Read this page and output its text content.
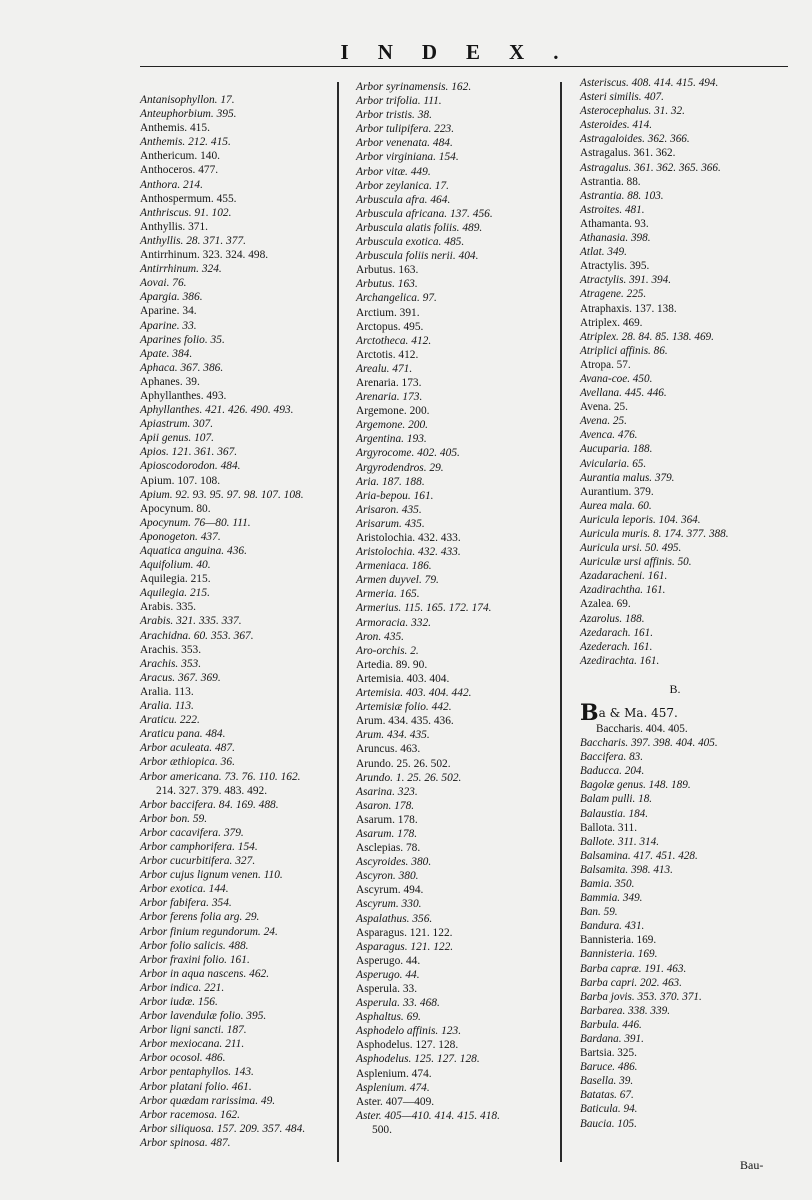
INDEX.
Antanisophyllon. 17.
Anteuphorbium. 395.
Anthemis. 415.
Anthemis. 212. 415.
Anthericum. 140.
Anthoceros. 477.
Anthora. 214.
Anthospermum. 455.
Anthriscus. 91. 102.
Anthyllis. 371.
Anthyllis. 28. 371. 377.
Antirrhinum. 323. 324. 498.
Antirrhinum. 324.
Aovai. 76.
Apargia. 386.
Aparine. 34.
Aparine. 33.
Aparines folio. 35.
Apate. 384.
Aphaca. 367. 386.
Aphanes. 39.
Aphyllanthes. 493.
Aphyllanthes. 421. 426. 490. 493.
Apiastrum. 307.
Apii genus. 107.
Apios. 121. 361. 367.
Apioscodorodon. 484.
Apium. 107. 108.
Apium. 92. 93. 95. 97. 98. 107. 108.
Apocynum. 80.
Apocynum. 76—80. 111.
Aponogeton. 437.
Aquatica anguina. 436.
Aquifolium. 40.
Aquilegia. 215.
Aquilegia. 215.
Arabis. 335.
Arabis. 321. 335. 337.
Arachidna. 60. 353. 367.
Arachis. 353.
Arachis. 353.
Aracus. 367. 369.
Aralia. 113.
Aralia. 113.
Araticu. 222.
Araticu pana. 484.
Arbor aculeata. 487.
Arbor æthiopica. 36.
Arbor americana. 73. 76. 110. 162.
214. 327. 379. 483. 492.
Arbor baccifera. 84. 169. 488.
Arbor bon. 59.
Arbor cacavifera. 379.
Arbor camphorifera. 154.
Arbor cucurbitifera. 327.
Arbor cujus lignum venen. 110.
Arbor exotica. 144.
Arbor fabifera. 354.
Arbor ferens folia arg. 29.
Arbor finium regundorum. 24.
Arbor folio salicis. 488.
Arbor fraxini folio. 161.
Arbor in aqua nascens. 462.
Arbor indica. 221.
Arbor iudæ. 156.
Arbor lavendulæ folio. 395.
Arbor ligni sancti. 187.
Arbor mexiocana. 211.
Arbor ocosol. 486.
Arbor pentaphyllos. 143.
Arbor platani folio. 461.
Arbor quædam rarissima. 49.
Arbor racemosa. 162.
Arbor siliquosa. 157. 209. 357. 484.
Arbor spinosa. 487.
Arbor syrinamensis. 162.
Arbor trifolia. 111.
Arbor tristis. 38.
Arbor tulipifera. 223.
Arbor venenata. 484.
Arbor virginiana. 154.
Arbor vitæ. 449.
Arbor zeylanica. 17.
Arbuscula afra. 464.
Arbuscula africana. 137. 456.
Arbuscula alatis foliis. 489.
Arbuscula exotica. 485.
Arbuscula foliis nerii. 404.
Arbutus. 163.
Arbutus. 163.
Archangelica. 97.
Arctium. 391.
Arctopus. 495.
Arctotheca. 412.
Arctotis. 412.
Arealu. 471.
Arenaria. 173.
Arenaria. 173.
Argemone. 200.
Argemone. 200.
Argentina. 193.
Argyrocome. 402. 405.
Argyrodendros. 29.
Aria. 187. 188.
Aria-bepou. 161.
Arisaron. 435.
Arisarum. 435.
Aristolochia. 432. 433.
Aristolochia. 432. 433.
Armeniaca. 186.
Armen duyvel. 79.
Armeria. 165.
Armerius. 115. 165. 172. 174.
Armoracia. 332.
Aron. 435.
Aro-orchis. 2.
Artedia. 89. 90.
Artemisia. 403. 404.
Artemisia. 403. 404. 442.
Artemisiæ folio. 442.
Arum. 434. 435. 436.
Arum. 434. 435.
Aruncus. 463.
Arundo. 25. 26. 502.
Arundo. 1. 25. 26. 502.
Asarina. 323.
Asaron. 178.
Asarum. 178.
Asarum. 178.
Asclepias. 78.
Ascyroides. 380.
Ascyron. 380.
Ascyrum. 494.
Ascyrum. 330.
Aspalathus. 356.
Asparagus. 121. 122.
Asparagus. 121. 122.
Asperugo. 44.
Asperugo. 44.
Asperula. 33.
Asperula. 33. 468.
Asphaltus. 69.
Asphodelo affinis. 123.
Asphodelus. 127. 128.
Asphodelus. 125. 127. 128.
Asplenium. 474.
Asplenium. 474.
Aster. 407—409.
Aster. 405—410. 414. 415. 418.
500.
Asteriscus. 408. 414. 415. 494.
Asteri similis. 407.
Asterocephalus. 31. 32.
Asteroides. 414.
Astragaloides. 362. 366.
Astragalus. 361. 362.
Astragalus. 361. 362. 365. 366.
Astrantia. 88.
Astrantia. 88. 103.
Astroites. 481.
Athamanta. 93.
Athanasia. 398.
Atlat. 349.
Atractylis. 395.
Atractylis. 391. 394.
Atragene. 225.
Atraphaxis. 137. 138.
Atriplex. 469.
Atriplex. 28. 84. 85. 138. 469.
Atriplici affinis. 86.
Atropa. 57.
Avana-coe. 450.
Avellana. 445. 446.
Avena. 25.
Avena. 25.
Avenca. 476.
Aucuparia. 188.
Avicularia. 65.
Aurantia malus. 379.
Aurantium. 379.
Aurea mala. 60.
Auricula leporis. 104. 364.
Auricula muris. 8. 174. 377. 388.
Auricula ursi. 50. 495.
Auriculæ ursi affinis. 50.
Azadaracheni. 161.
Azadirachtha. 161.
Azalea. 69.
Azarolus. 188.
Azedarach. 161.
Azederach. 161.
Azedirachta. 161.
B.
Ba & Ma. 457.
Baccharis. 404. 405.
Baccharis. 397. 398. 404. 405.
Baccifera. 83.
Baducca. 204.
Bagolæ genus. 148. 189.
Balam pulli. 18.
Balaustia. 184.
Ballota. 311.
Ballote. 311. 314.
Balsamina. 417. 451. 428.
Balsamita. 398. 413.
Bamia. 350.
Bammia. 349.
Ban. 59.
Bandura. 431.
Bannisteria. 169.
Bannisteria. 169.
Barba capræ. 191. 463.
Barba capri. 202. 463.
Barba jovis. 353. 370. 371.
Barbarea. 338. 339.
Barbula. 446.
Bardana. 391.
Bartsia. 325.
Baruce. 486.
Basella. 39.
Batatas. 67.
Baticula. 94.
Baucia. 105.
Bau-
